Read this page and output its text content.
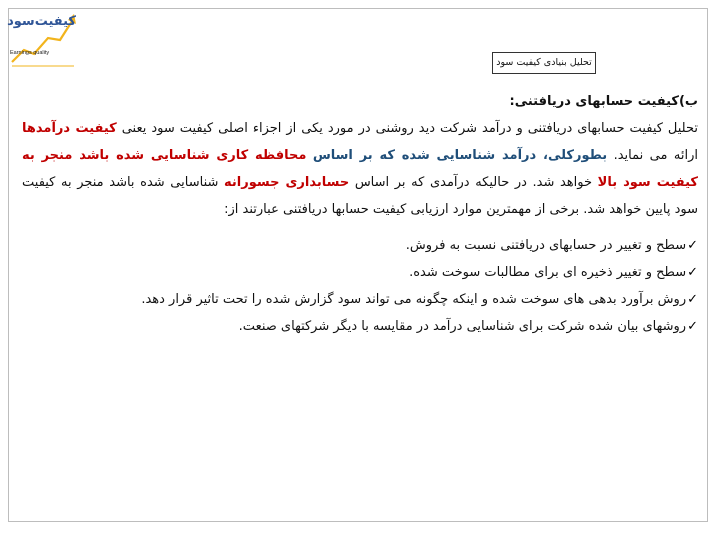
کیفیت‌سود
Earnings quality
تحلیل بنیادی کیفیت سود

ب)کیفیت حسابهای دریافتنی:

تحلیل کیفیت حسابهای دریافتنی و درآمد شرکت دید روشنی در مورد یکی از اجزاء اصلی کیفیت سود یعنی کیفیت درآمدها ارائه می نماید. بطورکلی، درآمد شناسایی شده که بر اساس محافظه کاری شناسایی شده باشد منجر به کیفیت سود بالا خواهد شد. در حالیکه درآمدی که بر اساس حسابداری جسورانه شناسایی شده باشد منجر به کیفیت سود پایین خواهد شد. برخی از مهمترین موارد ارزیابی کیفیت حسابها دریافتنی عبارتند از:

✓سطح و تغییر در حسابهای دریافتنی نسبت به فروش.
✓سطح و تغییر ذخیره ای برای مطالبات سوخت شده.
✓روش برآورد بدهی های سوخت شده و اینکه چگونه می تواند سود گزارش شده را تحت تاثیر قرار دهد.
✓روشهای بیان شده شرکت برای شناسایی درآمد در مقایسه با دیگر شرکتهای صنعت.
